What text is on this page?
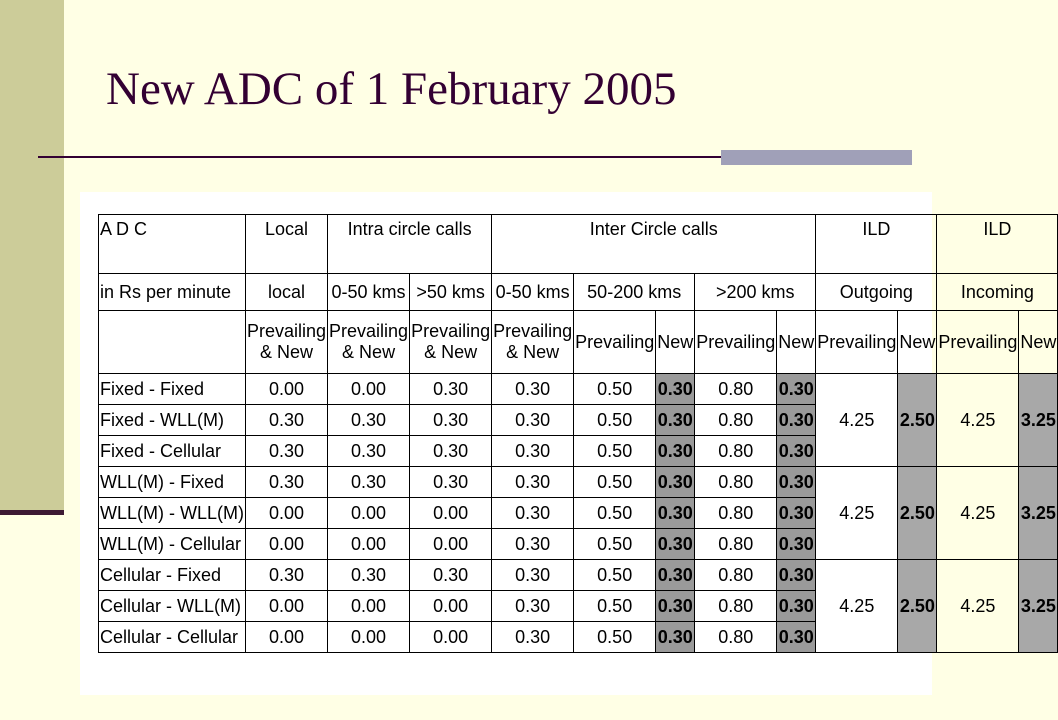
New ADC of 1 February 2005
A D C	Local	Intra circle calls		Inter Circle calls					ILD		ILD	
in Rs per minute	local	0-50 kms	>50 kms	0-50 kms	50-200 kms		>200 kms		Outgoing		Incoming	
	Prevailing & New	Prevailing & New	Prevailing & New	Prevailing & New	Prevailing	New	Prevailing	New	Prevailing	New	Prevailing	New
Fixed - Fixed	0.00	0.00	0.30	0.30	0.50	0.30	0.80	0.30	4.25	2.50	4.25	3.25
Fixed - WLL(M)	0.30	0.30	0.30	0.30	0.50	0.30	0.80	0.30				
Fixed - Cellular	0.30	0.30	0.30	0.30	0.50	0.30	0.80	0.30				
WLL(M) - Fixed	0.30	0.30	0.30	0.30	0.50	0.30	0.80	0.30	4.25	2.50	4.25	3.25
WLL(M) - WLL(M)	0.00	0.00	0.00	0.30	0.50	0.30	0.80	0.30				
WLL(M) - Cellular	0.00	0.00	0.00	0.30	0.50	0.30	0.80	0.30				
Cellular - Fixed	0.30	0.30	0.30	0.30	0.50	0.30	0.80	0.30	4.25	2.50	4.25	3.25
Cellular - WLL(M)	0.00	0.00	0.00	0.30	0.50	0.30	0.80	0.30				
Cellular - Cellular	0.00	0.00	0.00	0.30	0.50	0.30	0.80	0.30				
